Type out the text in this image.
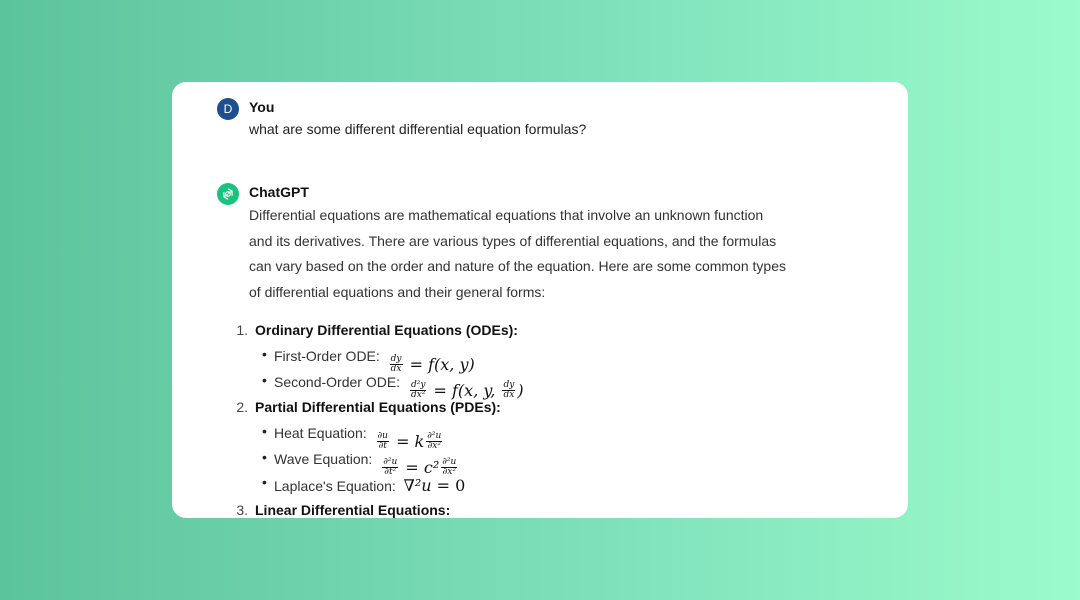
D You
what are some different differential equation formulas?
ChatGPT
Differential equations are mathematical equations that involve an unknown function
and its derivatives. There are various types of differential equations, and the formulas
can vary based on the order and nature of the equation. Here are some common types
of differential equations and their general forms:
1. Ordinary Differential Equations (ODEs):
• First-Order ODE: $\frac{dy}{dx}$
= f(x, y)
• Second-Order ODE: $\frac{\text{d²y}}{\text{dx²}}$
= f(x, y, $\frac{dy}{dx}$ )
2. Partial Differential Equations (PDEs):
• Heat Equation: $\frac{\partial u}{\partial t}$
= k $\frac{\text{∂²u}}{\text{∂x²}}$
• Wave Equation: $\frac{\text{∂²u}}{\text{∂t²}}$
= $c^2 \frac{\text{∂²u}}{\text{∂x²}}$
• Laplace's Equation: ∇ ²u =
0
3. Linear Differential Equations:
